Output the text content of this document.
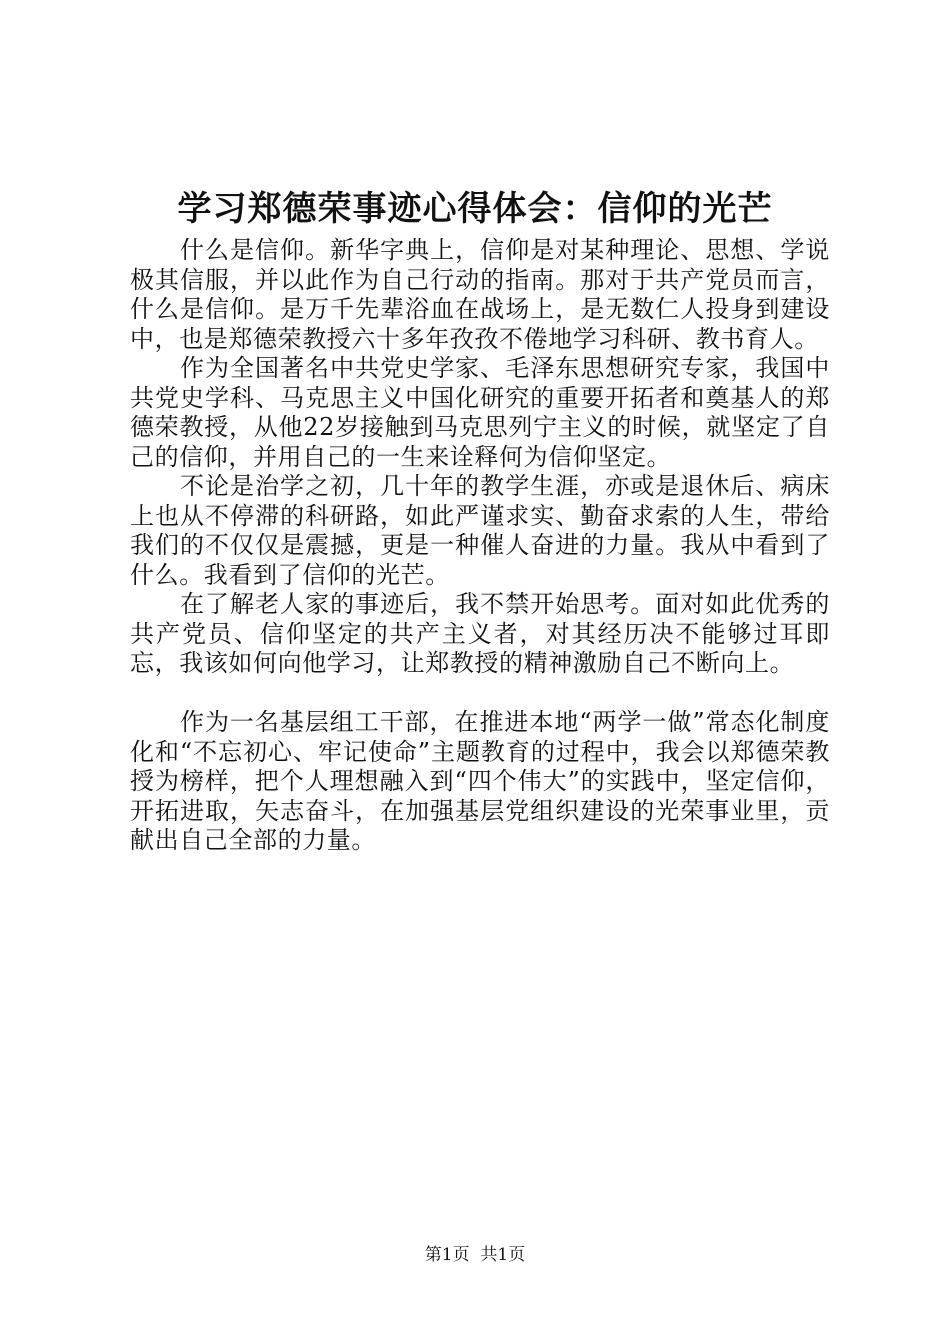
学习郑德荣事迹心得体会：信仰的光芒

什么是信仰。新华字典上，信仰是对某种理论、思想、学说极其信服，并以此作为自己行动的指南。那对于共产党员而言，什么是信仰。是万千先辈浴血在战场上，是无数仁人投身到建设中，也是郑德荣教授六十多年孜孜不倦地学习科研、教书育人。

作为全国著名中共党史学家、毛泽东思想研究专家，我国中共党史学科、马克思主义中国化研究的重要开拓者和奠基人的郑德荣教授，从他22岁接触到马克思列宁主义的时候，就坚定了自己的信仰，并用自己的一生来诠释何为信仰坚定。

不论是治学之初，几十年的教学生涯，亦或是退休后、病床上也从不停滞的科研路，如此严谨求实、勤奋求索的人生，带给我们的不仅仅是震撼，更是一种催人奋进的力量。我从中看到了什么。我看到了信仰的光芒。

在了解老人家的事迹后，我不禁开始思考。面对如此优秀的共产党员、信仰坚定的共产主义者，对其经历决不能够过耳即忘，我该如何向他学习，让郑教授的精神激励自己不断向上。

作为一名基层组工干部，在推进本地“两学一做”常态化制度化和“不忘初心、牢记使命”主题教育的过程中，我会以郑德荣教授为榜样，把个人理想融入到“四个伟大”的实践中，坚定信仰，开拓进取，矢志奋斗，在加强基层党组织建设的光荣事业里，贡献出自己全部的力量。

第1页 共1页
